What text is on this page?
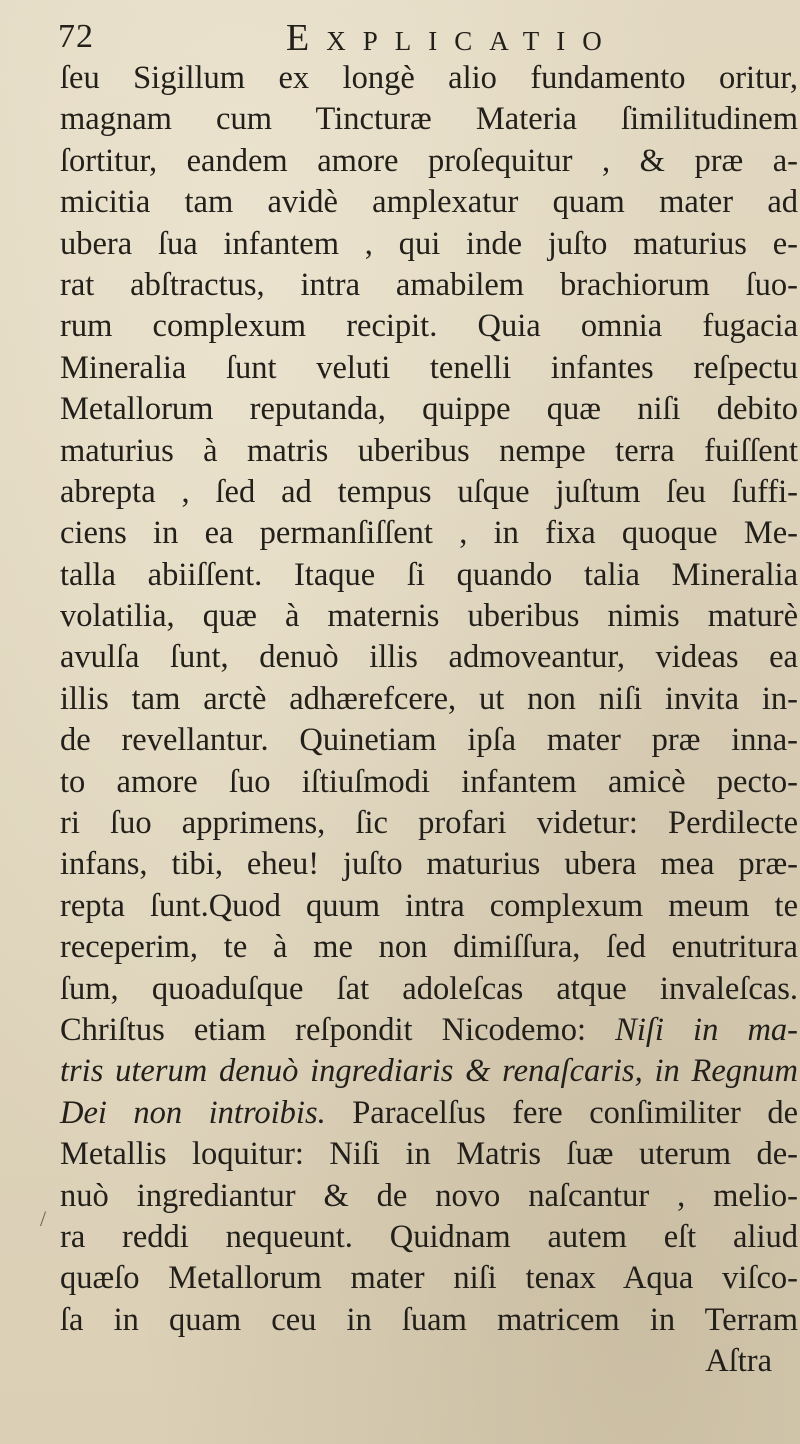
72	Explicatio
/
ſeu Sigillum ex longè alio fundamento oritur,
magnam cum Tincturæ Materia ſimilitudinem
ſortitur, eandem amore proſequitur , & præ a-
micitia tam avidè amplexatur quam mater ad
ubera ſua infantem , qui inde juſto maturius e-
rat abſtractus, intra amabilem brachiorum ſuo-
rum complexum recipit. Quia omnia fugacia
Mineralia ſunt veluti tenelli infantes reſpectu
Metallorum reputanda, quippe quæ niſi debito
maturius à matris uberibus nempe terra fuiſſent
abrepta , ſed ad tempus uſque juſtum ſeu ſuffi-
ciens in ea permanſiſſent , in fixa quoque Me-
talla abiiſſent. Itaque ſi quando talia Mineralia
volatilia, quæ à maternis uberibus nimis maturè
avulſa ſunt, denuò illis admoveantur, videas ea
illis tam arctè adhærefcere, ut non niſi invita in-
de revellantur. Quinetiam ipſa mater præ inna-
to amore ſuo iſtiuſmodi infantem amicè pecto-
ri ſuo apprimens, ſic profari videtur: Perdilecte
infans, tibi, eheu! juſto maturius ubera mea præ-
repta ſunt.Quod quum intra complexum meum te
receperim, te à me non dimiſſura, ſed enutritura
ſum, quoaduſque ſat adoleſcas atque invaleſcas.
Chriſtus etiam reſpondit Nicodemo: Niſi in ma-
tris uterum denuò ingrediaris & renaſcaris, in Regnum
Dei non introibis. Paracelſus fere conſimiliter de
Metallis loquitur: Niſi in Matris ſuæ uterum de-
nuò ingrediantur & de novo naſcantur , melio-
ra reddi nequeunt. Quidnam autem eſt aliud
quæſo Metallorum mater niſi tenax Aqua viſco-
ſa in quam ceu in ſuam matricem in Terram
Aſtra
